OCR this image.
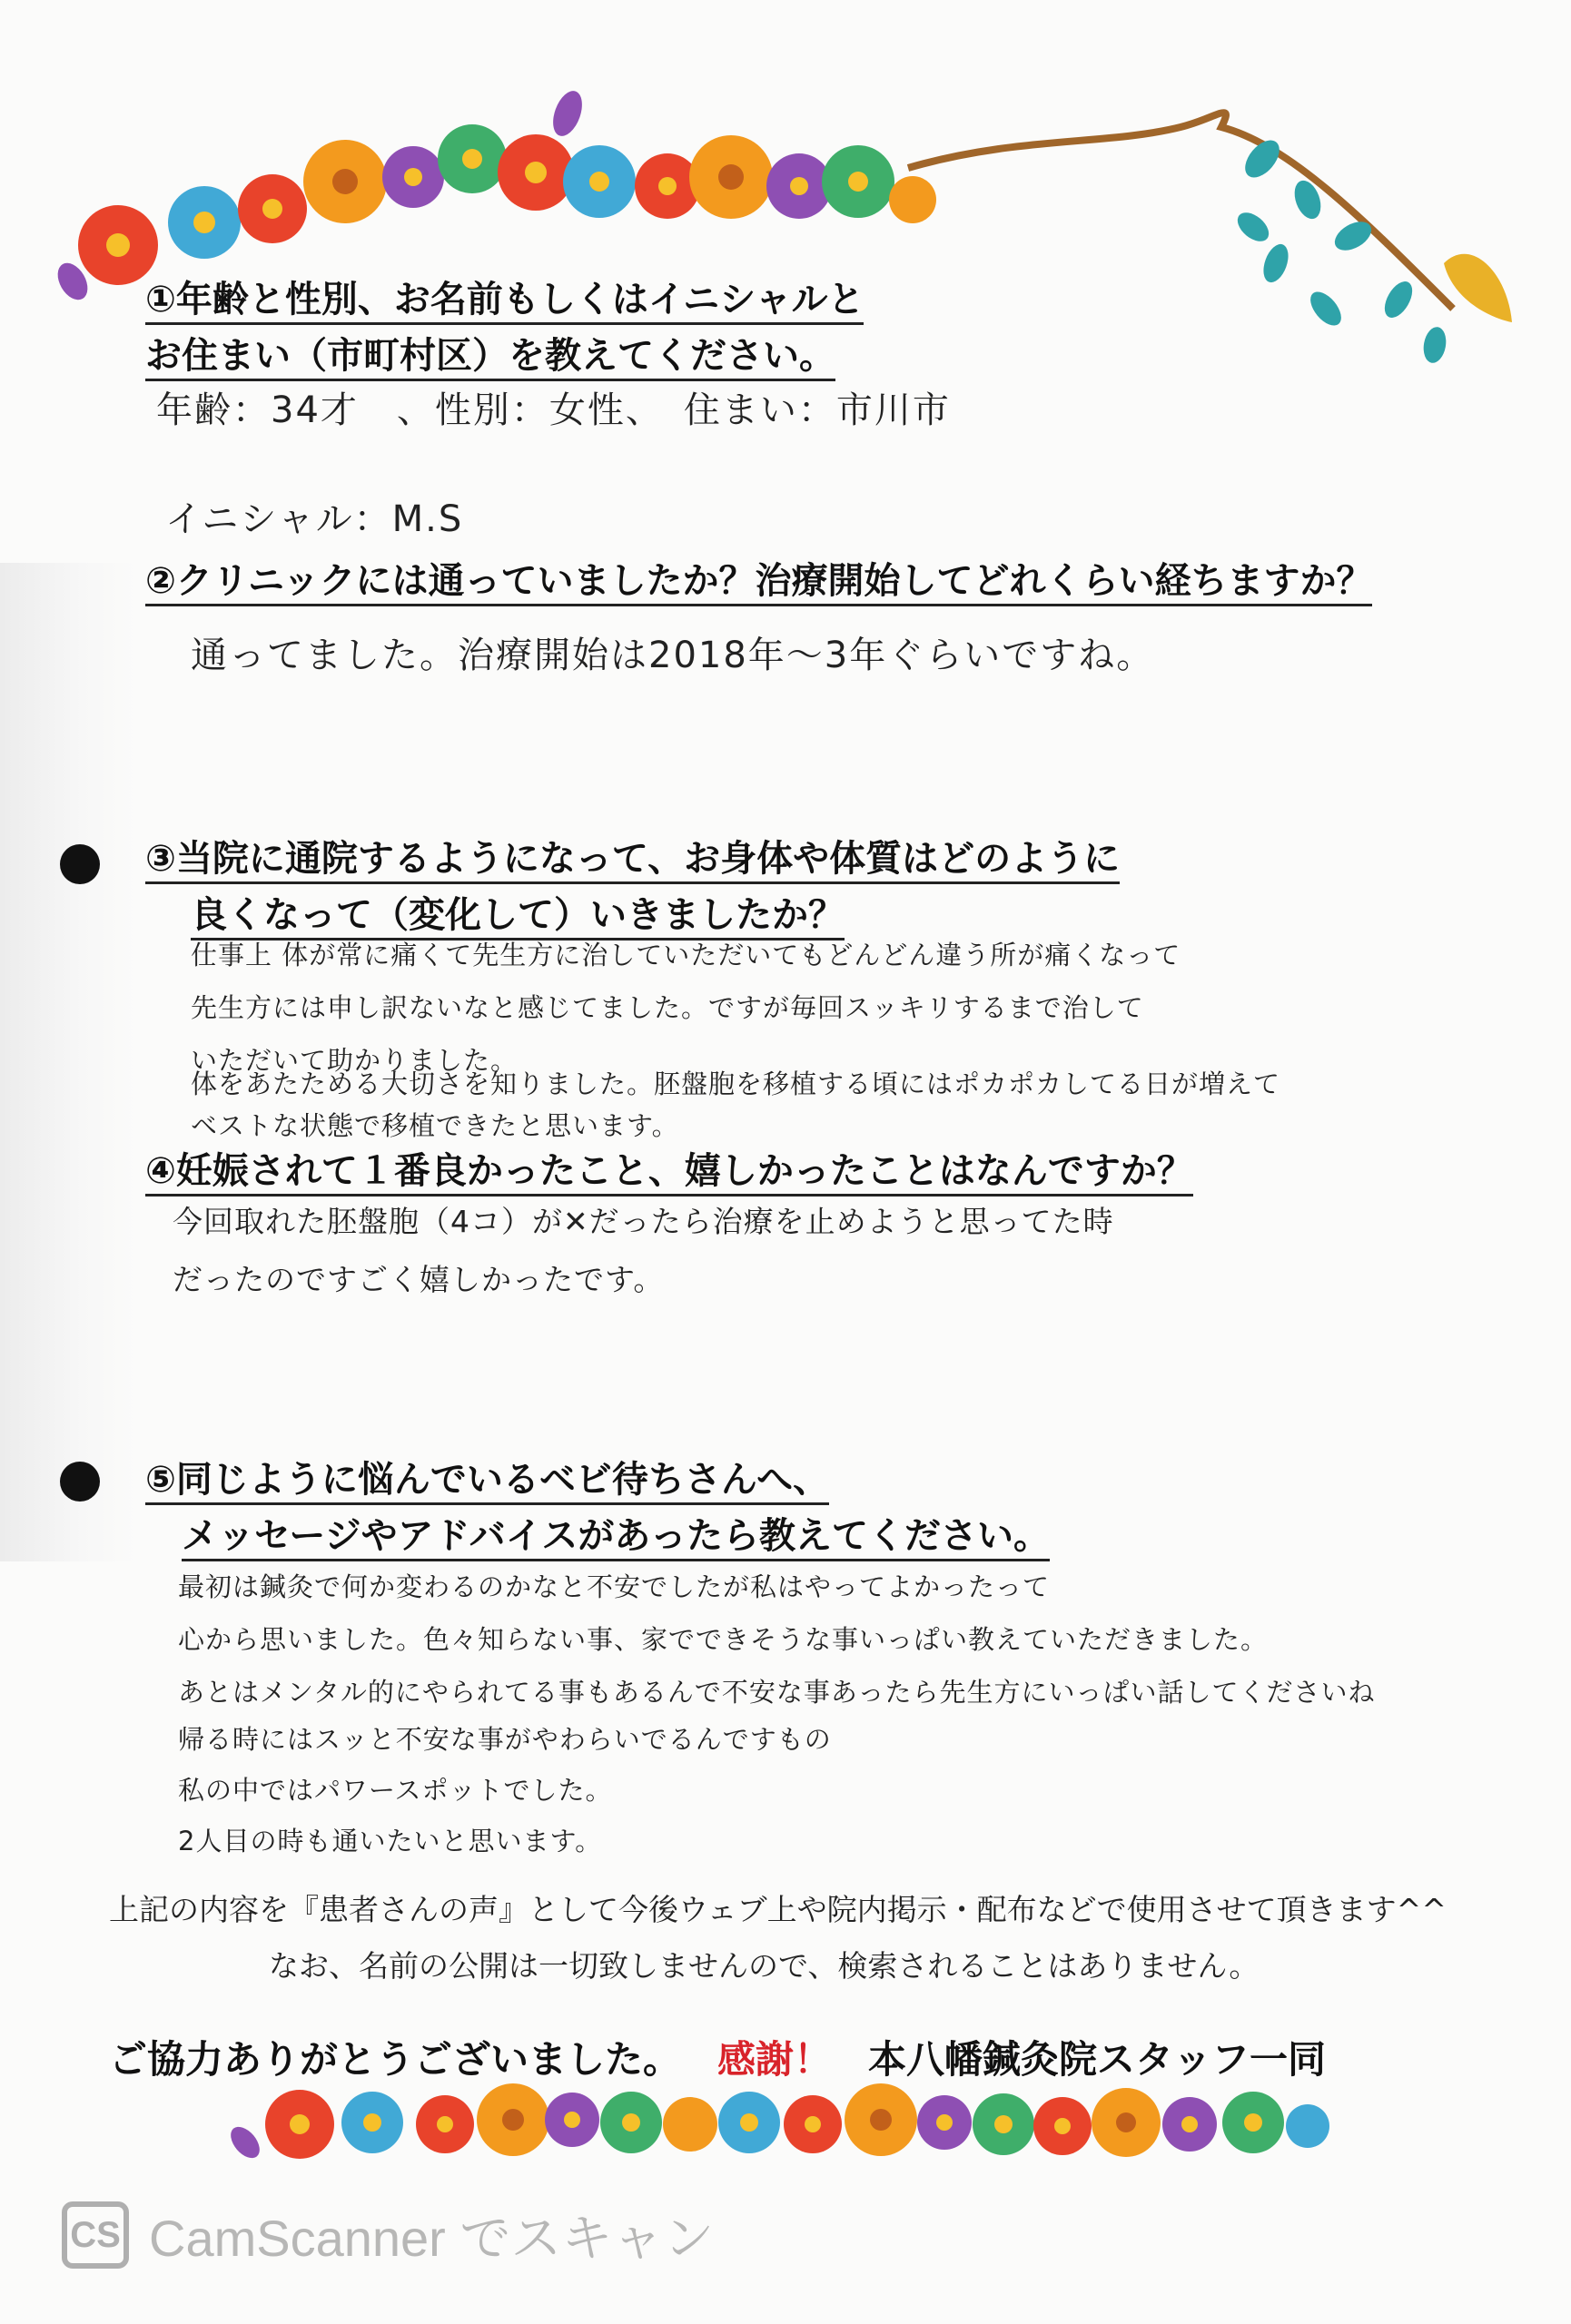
①年齢と性別、お名前もしくはイニシャルと
お住まい（市町村区）を教えてください。
年齢：34才　、性別：女性、　住まい：市川市
イニシャル：M.S
②クリニックには通っていましたか？治療開始してどれくらい経ちますか？
通ってました。治療開始は2018年〜3年ぐらいですね。
③当院に通院するようになって、お身体や体質はどのように
良くなって（変化して）いきましたか？
仕事上 体が常に痛くて先生方に治していただいてもどんどん違う所が痛くなって
先生方には申し訳ないなと感じてました。ですが毎回スッキリするまで治して
いただいて助かりました。
体をあたためる大切さを知りました。胚盤胞を移植する頃にはポカポカしてる日が増えて
ベストな状態で移植できたと思います。
④妊娠されて１番良かったこと、嬉しかったことはなんですか？
今回取れた胚盤胞（4コ）が✕だったら治療を止めようと思ってた時
だったのですごく嬉しかったです。
⑤同じように悩んでいるベビ待ちさんへ、
メッセージやアドバイスがあったら教えてください。
最初は鍼灸で何か変わるのかなと不安でしたが私はやってよかったって
心から思いました。色々知らない事、家でできそうな事いっぱい教えていただきました。
あとはメンタル的にやられてる事もあるんで不安な事あったら先生方にいっぱい話してくださいね
帰る時にはスッと不安な事がやわらいでるんですもの
私の中ではパワースポットでした。
2人目の時も通いたいと思います。
上記の内容を『患者さんの声』として今後ウェブ上や院内掲示・配布などで使用させて頂きます^^
なお、名前の公開は一切致しませんので、検索されることはありません。
ご協力ありがとうございました。 感謝！ 本八幡鍼灸院スタッフ一同
CS CamScanner でスキャン
